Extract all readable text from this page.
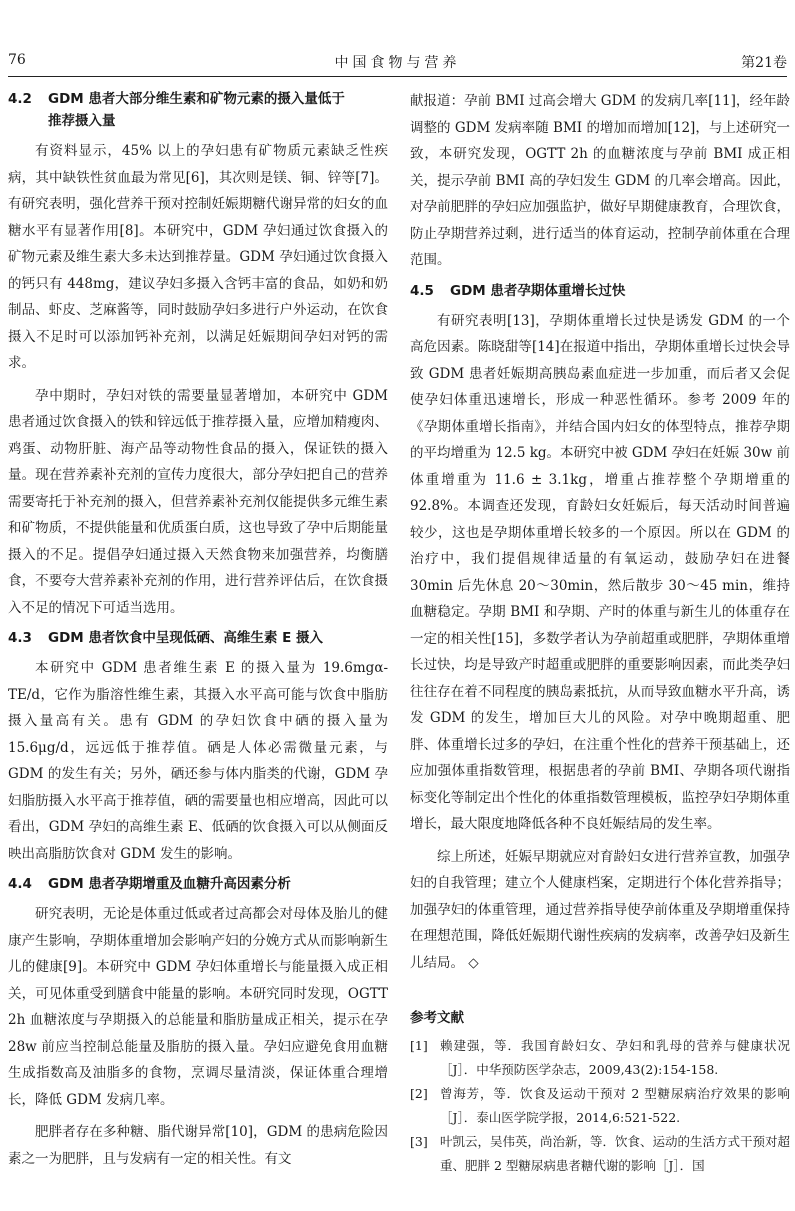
76	中国食物与营养	第21卷
4.2 GDM 患者大部分维生素和矿物元素的摄入量低于
推荐摄入量

有资料显示，45% 以上的孕妇患有矿物质元素缺乏性疾病，其中缺铁性贫血最为常见[6]，其次则是镁、铜、锌等[7]。有研究表明，强化营养干预对控制妊娠期糖代谢异常的妇女的血糖水平有显著作用[8]。本研究中，GDM 孕妇通过饮食摄入的矿物元素及维生素大多未达到推荐量。GDM 孕妇通过饮食摄入的钙只有 448mg，建议孕妇多摄入含钙丰富的食品，如奶和奶制品、虾皮、芝麻酱等，同时鼓励孕妇多进行户外运动，在饮食摄入不足时可以添加钙补充剂，以满足妊娠期间孕妇对钙的需求。

孕中期时，孕妇对铁的需要量显著增加，本研究中 GDM 患者通过饮食摄入的铁和锌远低于推荐摄入量，应增加精瘦肉、鸡蛋、动物肝脏、海产品等动物性食品的摄入，保证铁的摄入量。现在营养素补充剂的宣传力度很大，部分孕妇把自己的营养需要寄托于补充剂的摄入，但营养素补充剂仅能提供多元维生素和矿物质，不提供能量和优质蛋白质，这也导致了孕中后期能量摄入的不足。提倡孕妇通过摄入天然食物来加强营养，均衡膳食，不要夸大营养素补充剂的作用，进行营养评估后，在饮食摄入不足的情况下可适当选用。

4.3 GDM 患者饮食中呈现低硒、高维生素 E 摄入

本研究中 GDM 患者维生素 E 的摄入量为 19.6mgα-TE/d，它作为脂溶性维生素，其摄入水平高可能与饮食中脂肪摄入量高有关。患有 GDM 的孕妇饮食中硒的摄入量为 15.6μg/d，远远低于推荐值。硒是人体必需微量元素，与 GDM 的发生有关；另外，硒还参与体内脂类的代谢，GDM 孕妇脂肪摄入水平高于推荐值，硒的需要量也相应增高，因此可以看出，GDM 孕妇的高维生素 E、低硒的饮食摄入可以从侧面反映出高脂肪饮食对 GDM 发生的影响。

4.4 GDM 患者孕期增重及血糖升高因素分析

研究表明，无论是体重过低或者过高都会对母体及胎儿的健康产生影响，孕期体重增加会影响产妇的分娩方式从而影响新生儿的健康[9]。本研究中 GDM 孕妇体重增长与能量摄入成正相关，可见体重受到膳食中能量的影响。本研究同时发现，OGTT 2h 血糖浓度与孕期摄入的总能量和脂肪量成正相关，提示在孕 28w 前应当控制总能量及脂肪的摄入量。孕妇应避免食用血糖生成指数高及油脂多的食物，烹调尽量清淡，保证体重合理增长，降低 GDM 发病几率。

肥胖者存在多种糖、脂代谢异常[10]，GDM 的患病危险因素之一为肥胖，且与发病有一定的相关性。有文

献报道：孕前 BMI 过高会增大 GDM 的发病几率[11]，经年龄调整的 GDM 发病率随 BMI 的增加而增加[12]，与上述研究一致，本研究发现，OGTT 2h 的血糖浓度与孕前 BMI 成正相关，提示孕前 BMI 高的孕妇发生 GDM 的几率会增高。因此，对孕前肥胖的孕妇应加强监护，做好早期健康教育，合理饮食，防止孕期营养过剩，进行适当的体育运动，控制孕前体重在合理范围。

4.5 GDM 患者孕期体重增长过快

有研究表明[13]，孕期体重增长过快是诱发 GDM 的一个高危因素。陈晓甜等[14]在报道中指出，孕期体重增长过快会导致 GDM 患者妊娠期高胰岛素血症进一步加重，而后者又会促使孕妇体重迅速增长，形成一种恶性循环。参考 2009 年的《孕期体重增长指南》，并结合国内妇女的体型特点，推荐孕期的平均增重为 12.5 kg。本研究中被 GDM 孕妇在妊娠 30w 前体重增重为 11.6 ± 3.1kg，增重占推荐整个孕期增重的 92.8%。本调查还发现，育龄妇女妊娠后，每天活动时间普遍较少，这也是孕期体重增长较多的一个原因。所以在 GDM 的治疗中，我们提倡规律适量的有氧运动，鼓励孕妇在进餐 30min 后先休息 20～30min，然后散步 30～45 min，维持血糖稳定。孕期 BMI 和孕期、产时的体重与新生儿的体重存在一定的相关性[15]，多数学者认为孕前超重或肥胖，孕期体重增长过快，均是导致产时超重或肥胖的重要影响因素，而此类孕妇往往存在着不同程度的胰岛素抵抗，从而导致血糖水平升高，诱发 GDM 的发生，增加巨大儿的风险。对孕中晚期超重、肥胖、体重增长过多的孕妇，在注重个性化的营养干预基础上，还应加强体重指数管理，根据患者的孕前 BMI、孕期各项代谢指标变化等制定出个性化的体重指数管理模板，监控孕妇孕期体重增长，最大限度地降低各种不良妊娠结局的发生率。

综上所述，妊娠早期就应对育龄妇女进行营养宣教，加强孕妇的自我管理；建立个人健康档案，定期进行个体化营养指导；加强孕妇的体重管理，通过营养指导使孕前体重及孕期增重保持在理想范围，降低妊娠期代谢性疾病的发病率，改善孕妇及新生儿结局。 ◇

参考文献

[1] 赖建强，等．我国育龄妇女、孕妇和乳母的营养与健康状况［J］．中华预防医学杂志，2009,43(2):154-158.

[2] 曾海芳，等．饮食及运动干预对 2 型糖尿病治疗效果的影响［J］．泰山医学院学报，2014,6:521-522.

[3] 叶凯云，吴伟英，尚治新，等．饮食、运动的生活方式干预对超重、肥胖 2 型糖尿病患者糖代谢的影响［J］．国
